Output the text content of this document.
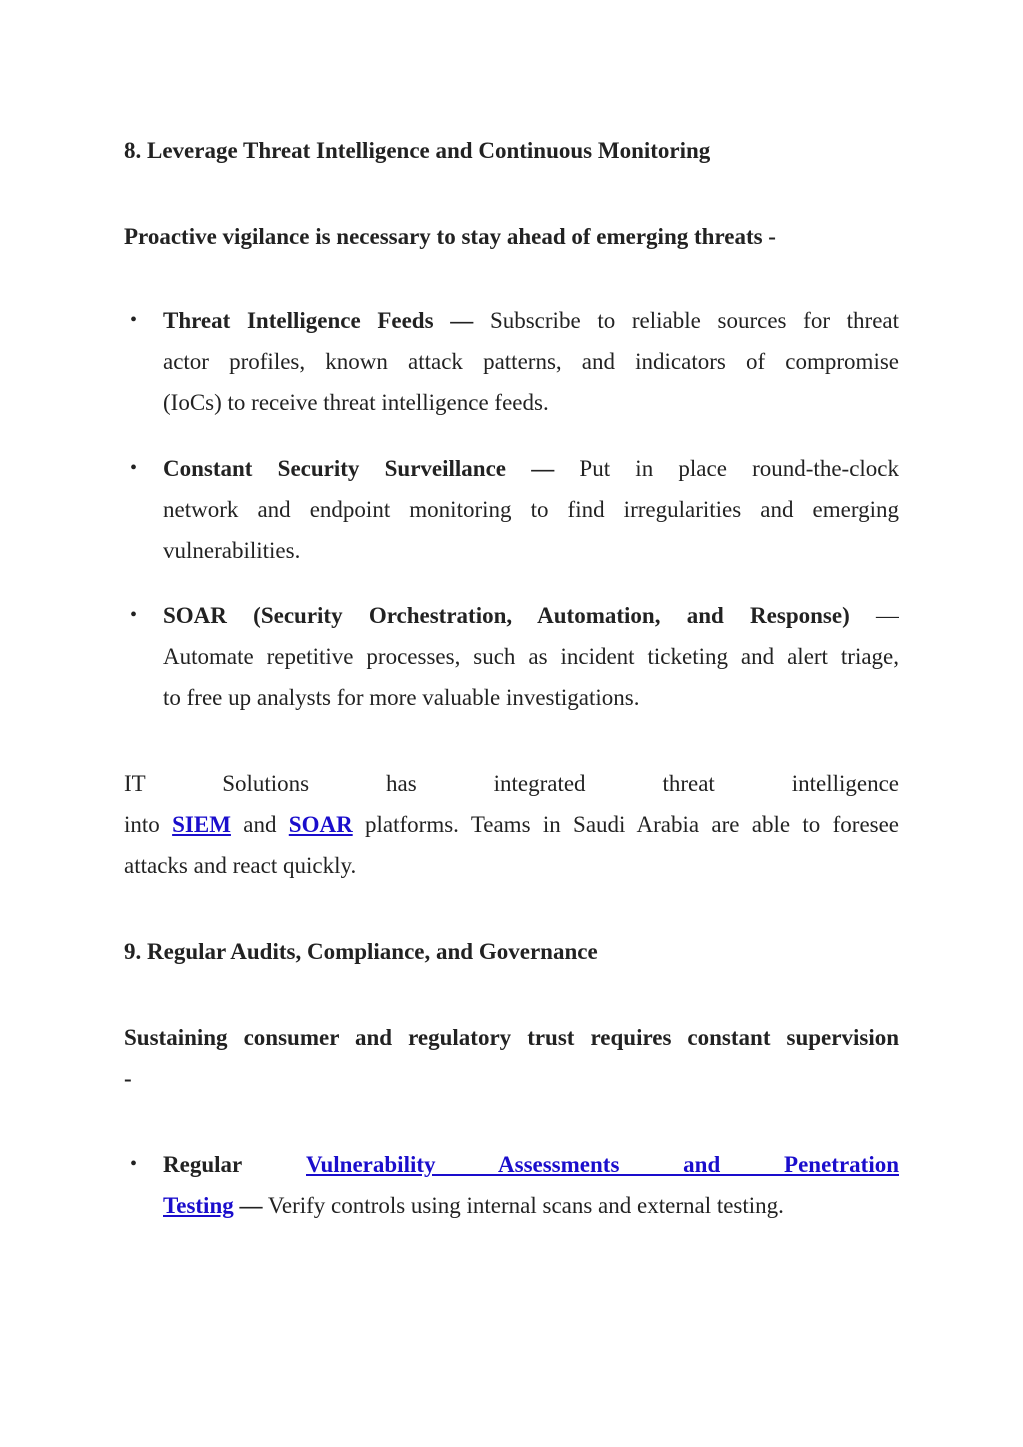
8. Leverage Threat Intelligence and Continuous Monitoring
Proactive vigilance is necessary to stay ahead of emerging threats -
• Threat Intelligence Feeds — Subscribe to reliable sources for threat
actor profiles, known attack patterns, and indicators of compromise
(IoCs) to receive threat intelligence feeds.
• Constant Security Surveillance — Put in place round-the-clock
network and endpoint monitoring to find irregularities and emerging
vulnerabilities.
• SOAR (Security Orchestration, Automation, and Response) —
Automate repetitive processes, such as incident ticketing and alert triage,
to free up analysts for more valuable investigations.
IT Solutions has integrated threat intelligence
into SIEM and SOAR platforms. Teams in Saudi Arabia are able to foresee
attacks and react quickly.
9. Regular Audits, Compliance, and Governance
Sustaining consumer and regulatory trust requires constant supervision
-
• Regular	Vulnerability Assessments and Penetration
Testing — Verify controls using internal scans and external testing.
